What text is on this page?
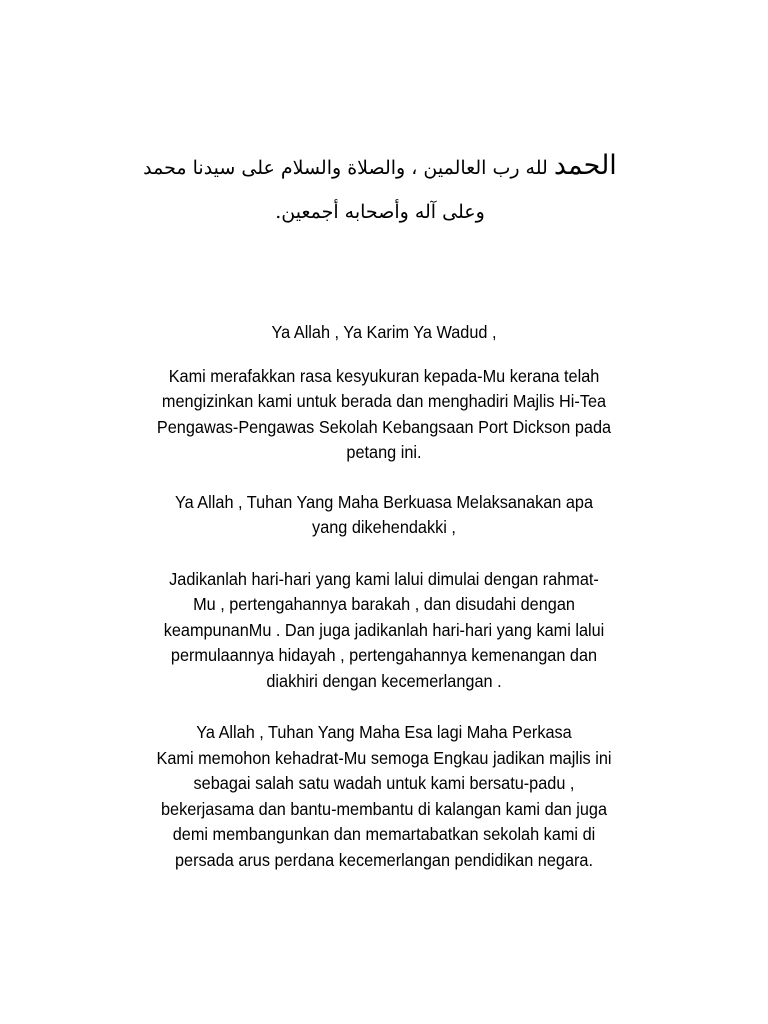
الحمد لله رب العالمين ، والصلاة والسلام على سيدنا محمد وعلى آله وأصحابه أجمعين.

Ya Allah , Ya Karim Ya Wadud ,

Kami merafakkan rasa kesyukuran kepada-Mu kerana telah
mengizinkan kami untuk berada dan menghadiri Majlis Hi-Tea
Pengawas-Pengawas Sekolah Kebangsaan Port Dickson pada
petang ini.

Ya Allah , Tuhan Yang Maha Berkuasa Melaksanakan apa
yang dikehendakki ,

Jadikanlah hari-hari yang kami lalui dimulai dengan rahmat-
Mu , pertengahannya barakah , dan disudahi dengan
keampunanMu . Dan juga jadikanlah hari-hari yang kami lalui
permulaannya hidayah , pertengahannya kemenangan dan
diakhiri dengan kecemerlangan .

Ya Allah , Tuhan Yang Maha Esa lagi Maha Perkasa
Kami memohon kehadrat-Mu semoga Engkau jadikan majlis ini
sebagai salah satu wadah untuk kami bersatu-padu ,
bekerjasama dan bantu-membantu di kalangan kami dan juga
demi membangunkan dan memartabatkan sekolah kami di
persada arus perdana kecemerlangan pendidikan negara.
